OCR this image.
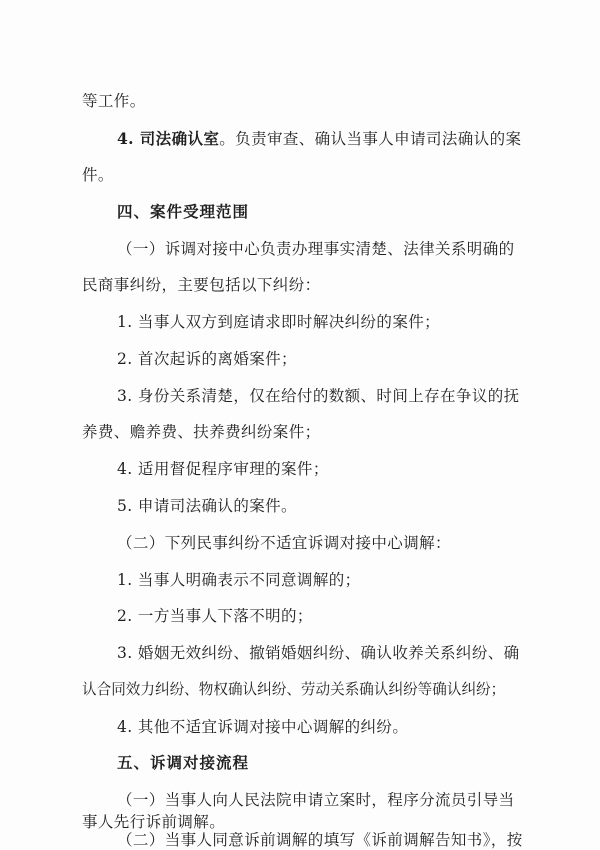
等工作。
4. 司法确认室。负责审查、确认当事人申请司法确认的案
件。
四、案件受理范围
（一）诉调对接中心负责办理事实清楚、法律关系明确的
民商事纠纷，主要包括以下纠纷：
1. 当事人双方到庭请求即时解决纠纷的案件；
2. 首次起诉的离婚案件；
3. 身份关系清楚，仅在给付的数额、时间上存在争议的抚
养费、赡养费、扶养费纠纷案件；
4. 适用督促程序审理的案件；
5. 申请司法确认的案件。
（二）下列民事纠纷不适宜诉调对接中心调解：
1. 当事人明确表示不同意调解的；
2. 一方当事人下落不明的；
3. 婚姻无效纠纷、撤销婚姻纠纷、确认收养关系纠纷、确
认合同效力纠纷、物权确认纠纷、劳动关系确认纠纷等确认纠纷；
4. 其他不适宜诉调对接中心调解的纠纷。
五、诉调对接流程
（一）当事人向人民法院申请立案时，程序分流员引导当
事人先行诉前调解。
（二）当事人同意诉前调解的填写《诉前调解告知书》，按
